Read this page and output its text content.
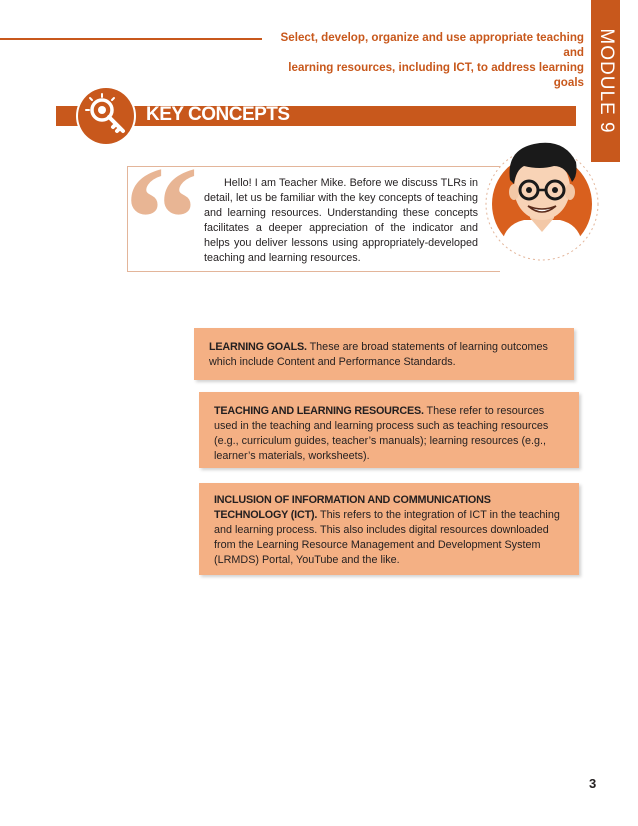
Select, develop, organize and use appropriate teaching and
learning resources, including ICT, to address learning goals MODULE 9
KEY CONCEPTS
“	Hello! I am Teacher Mike. Before we discuss TLRs in detail, let us be familiar with the key concepts of teaching and learning resources. Understanding these concepts facilitates a deeper appreciation of the indicator and helps you deliver lessons using appropriately-developed teaching and learning resources.
LEARNING GOALS. These are broad statements of learning outcomes which include Content and Performance Standards.
TEACHING AND LEARNING RESOURCES. These refer to resources used in the teaching and learning process such as teaching resources (e.g., curriculum guides, teacher’s manuals); learning resources (e.g., learner’s materials, worksheets).
INCLUSION OF INFORMATION AND COMMUNICATIONS TECHNOLOGY (ICT). This refers to the integration of ICT in the teaching and learning process. This also includes digital resources downloaded from the Learning Resource Management and Development System (LRMDS) Portal, YouTube and the like.
3
